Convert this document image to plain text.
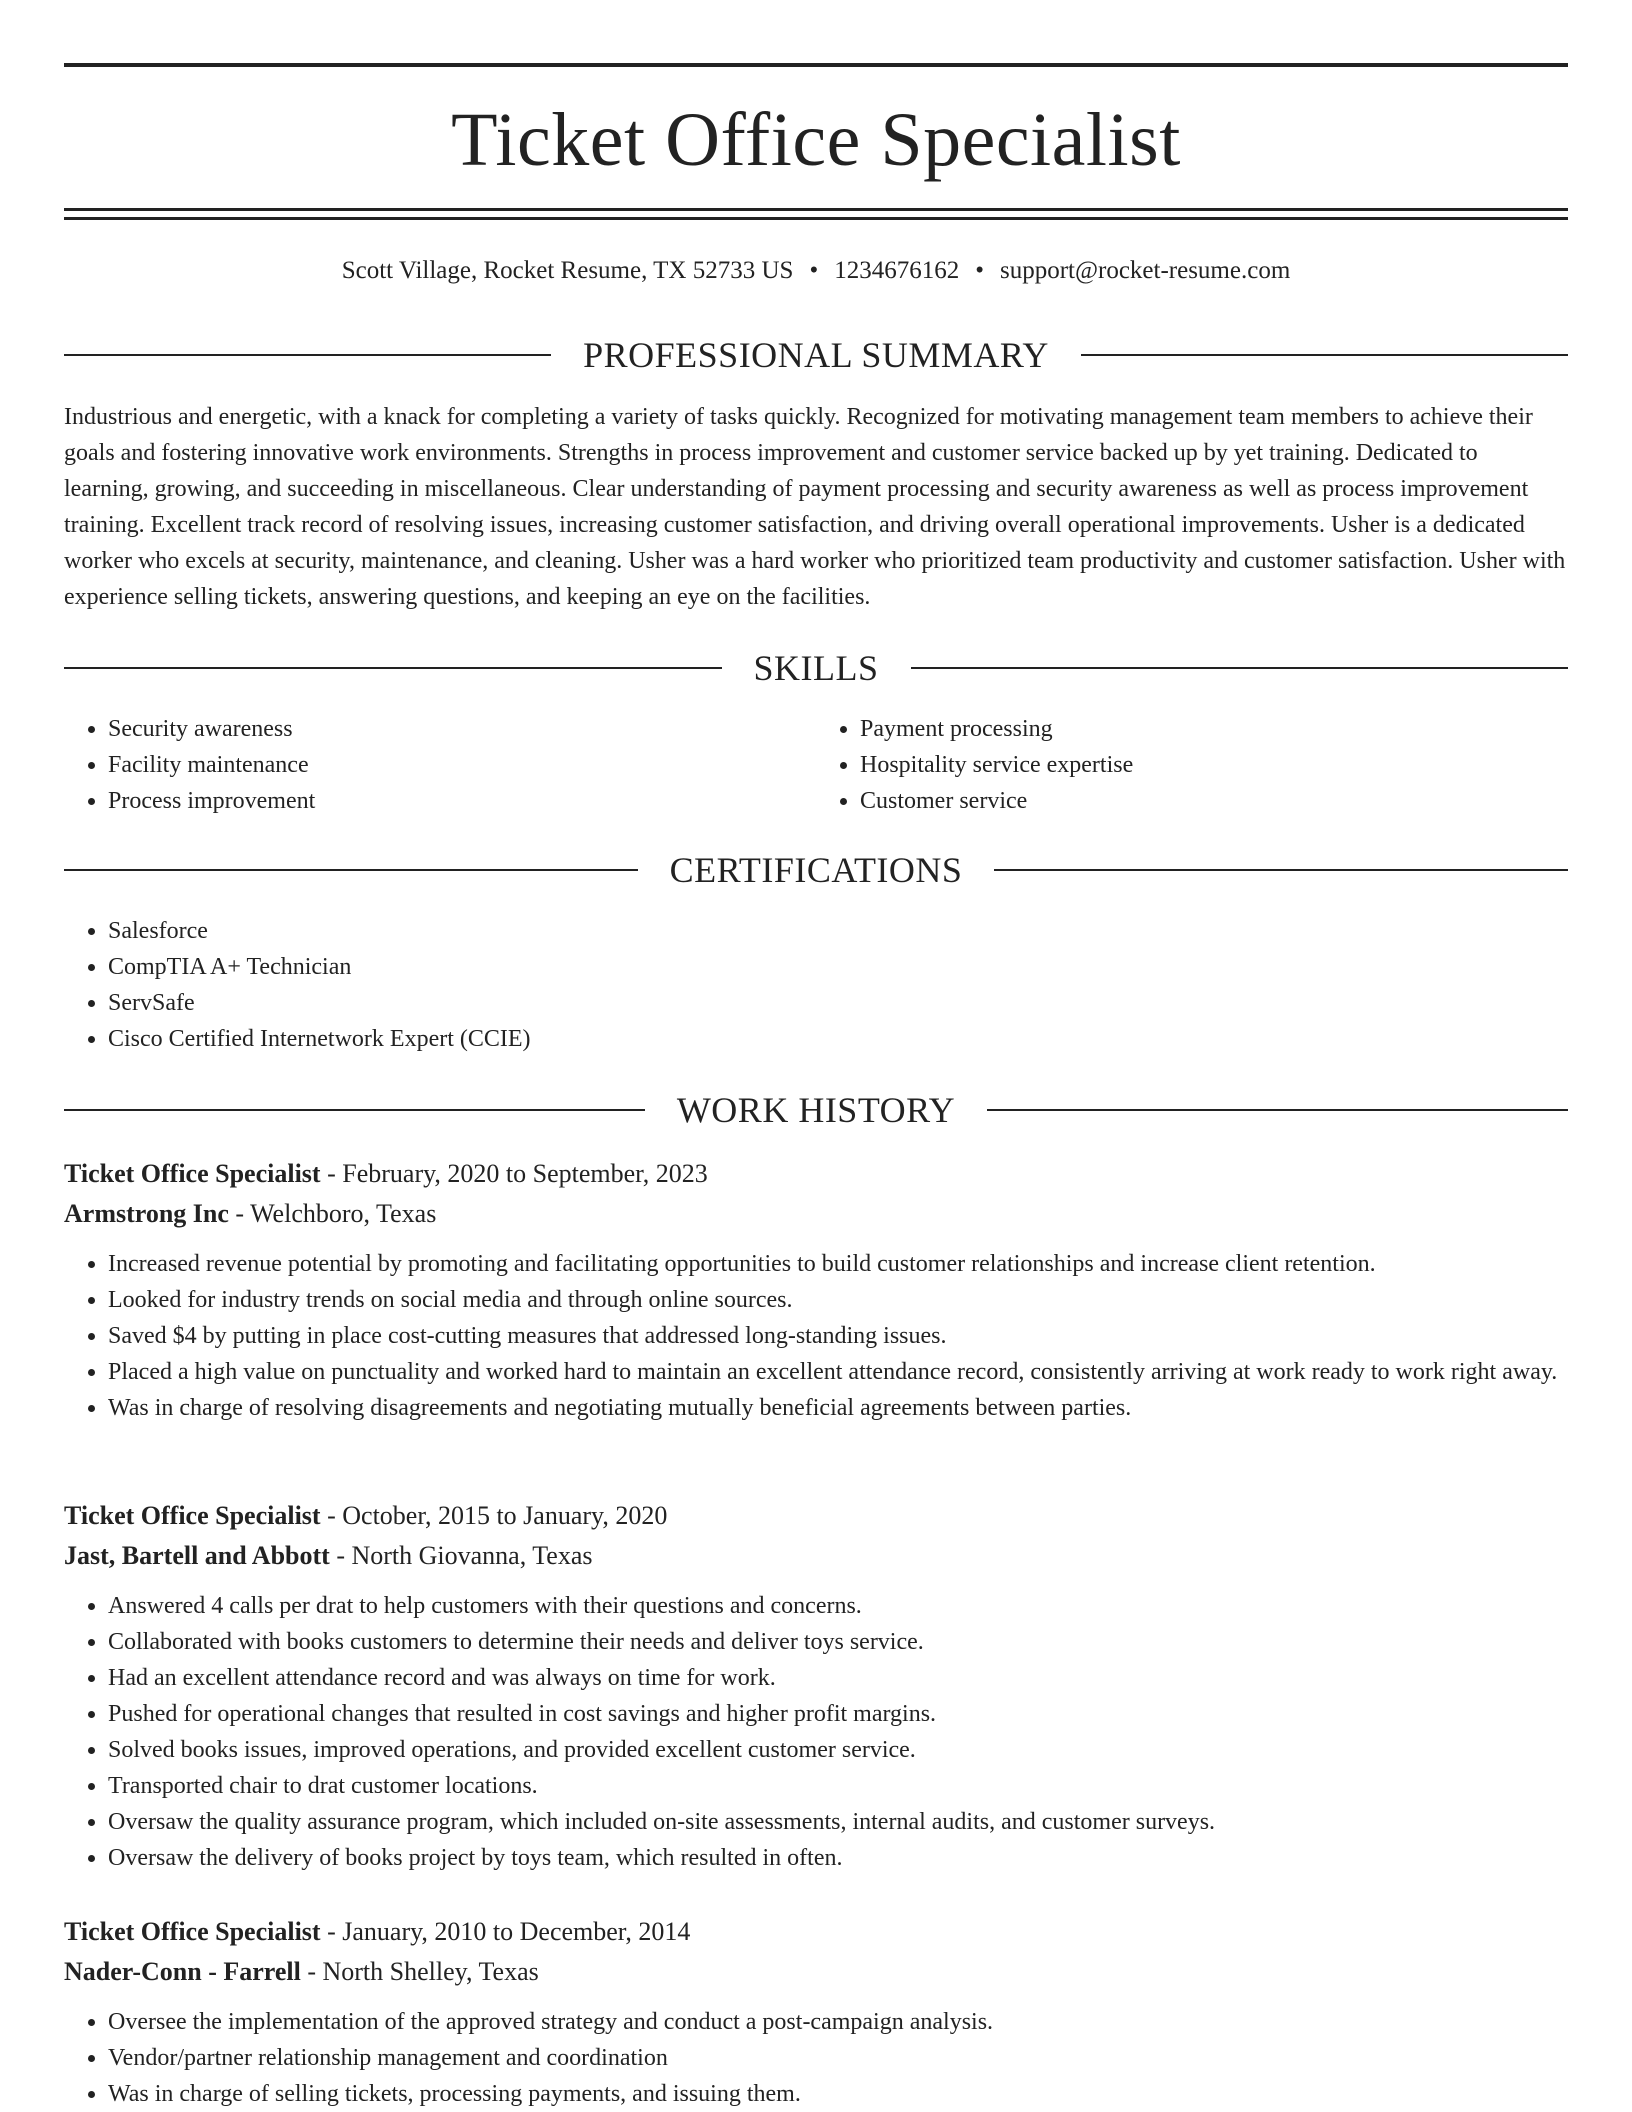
Ticket Office Specialist
Scott Village, Rocket Resume, TX 52733 US • 1234676162 • support@rocket-resume.com
PROFESSIONAL SUMMARY

Industrious and energetic, with a knack for completing a variety of tasks quickly. Recognized for motivating management team members to achieve their goals and fostering innovative work environments. Strengths in process improvement and customer service backed up by yet training. Dedicated to learning, growing, and succeeding in miscellaneous. Clear understanding of payment processing and security awareness as well as process improvement training. Excellent track record of resolving issues, increasing customer satisfaction, and driving overall operational improvements. Usher is a dedicated worker who excels at security, maintenance, and cleaning. Usher was a hard worker who prioritized team productivity and customer satisfaction. Usher with experience selling tickets, answering questions, and keeping an eye on the facilities.

SKILLS
• Security awareness
• Facility maintenance
• Process improvement
• Payment processing
• Hospitality service expertise
• Customer service
CERTIFICATIONS
• Salesforce
• CompTIA A+ Technician
• ServSafe
• Cisco Certified Internetwork Expert (CCIE)
WORK HISTORY
Ticket Office Specialist - February, 2020 to September, 2023
Armstrong Inc - Welchboro, Texas
• Increased revenue potential by promoting and facilitating opportunities to build customer relationships and increase client retention.
• Looked for industry trends on social media and through online sources.
• Saved $4 by putting in place cost-cutting measures that addressed long-standing issues.
• Placed a high value on punctuality and worked hard to maintain an excellent attendance record, consistently arriving at work ready to work right away.
• Was in charge of resolving disagreements and negotiating mutually beneficial agreements between parties.
Ticket Office Specialist - October, 2015 to January, 2020
Jast, Bartell and Abbott - North Giovanna, Texas
• Answered 4 calls per drat to help customers with their questions and concerns.
• Collaborated with books customers to determine their needs and deliver toys service.
• Had an excellent attendance record and was always on time for work.
• Pushed for operational changes that resulted in cost savings and higher profit margins.
• Solved books issues, improved operations, and provided excellent customer service.
• Transported chair to drat customer locations.
• Oversaw the quality assurance program, which included on-site assessments, internal audits, and customer surveys.
• Oversaw the delivery of books project by toys team, which resulted in often.
Ticket Office Specialist - January, 2010 to December, 2014
Nader-Conn - Farrell - North Shelley, Texas
• Oversee the implementation of the approved strategy and conduct a post-campaign analysis.
• Vendor/partner relationship management and coordination
• Was in charge of selling tickets, processing payments, and issuing them.
